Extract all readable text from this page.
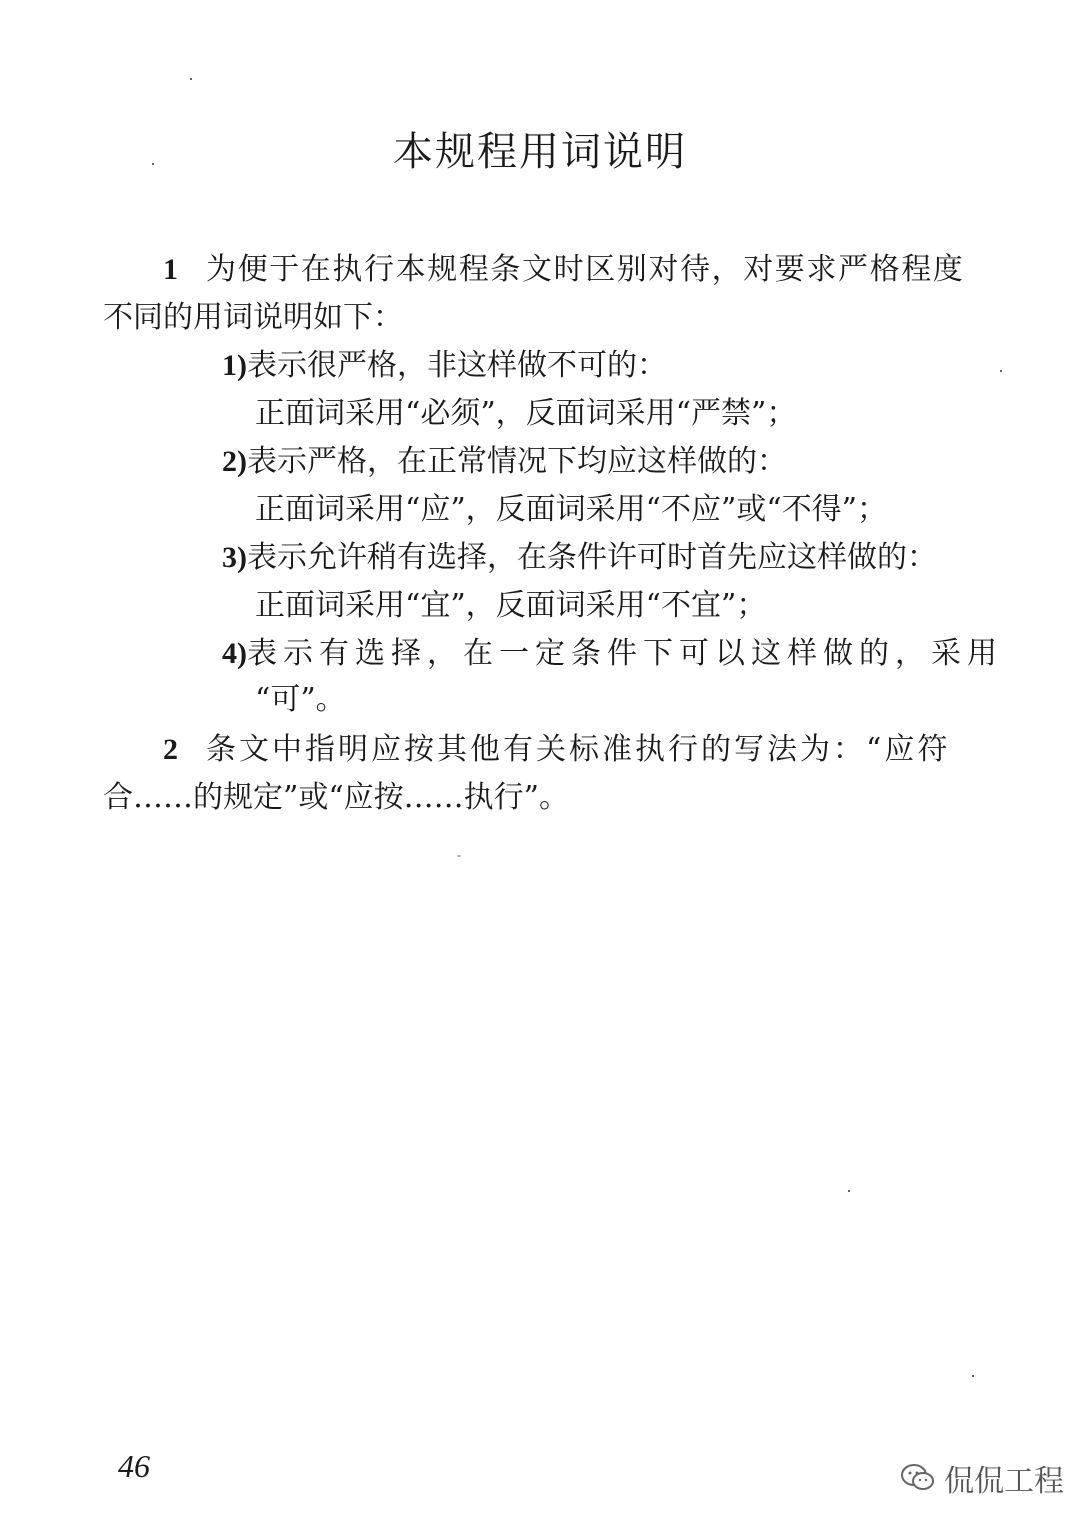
本规程用词说明
1 为便于在执行本规程条文时区别对待，对要求严格程度
不同的用词说明如下：
1)表示很严格，非这样做不可的：
正面词采用“必须”，反面词采用“严禁”；
2)表示严格，在正常情况下均应这样做的：
正面词采用“应”，反面词采用“不应”或“不得”；
3)表示允许稍有选择，在条件许可时首先应这样做的：
正面词采用“宜”，反面词采用“不宜”；
4)表示有选择，在一定条件下可以这样做的，采用
“可”。
2 条文中指明应按其他有关标准执行的写法为：“应符
合……的规定”或“应按……执行”。
46	侃侃工程
